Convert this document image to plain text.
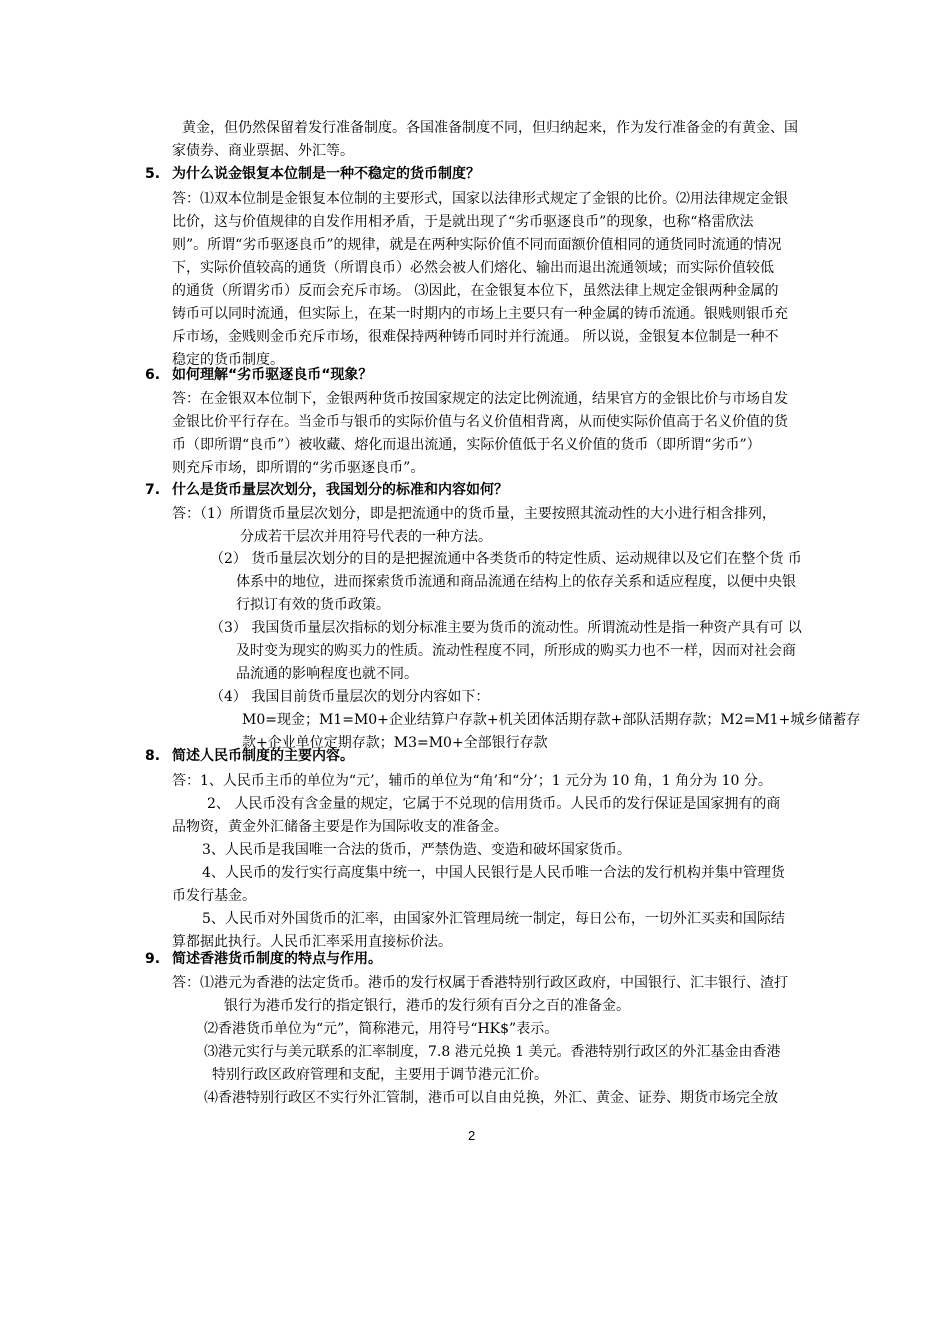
黄金，但仍然保留着发行准备制度。各国准备制度不同，但归纳起来，作为发行准备金的有黄金、国
家债券、商业票据、外汇等。
5. 为什么说金银复本位制是一种不稳定的货币制度？
答：⑴双本位制是金银复本位制的主要形式，国家以法律形式规定了金银的比价。⑵用法律规定金银
比价，这与价值规律的自发作用相矛盾，于是就出现了“劣币驱逐良币”的现象，也称“格雷欣法
则”。所谓“劣币驱逐良币”的规律，就是在两种实际价值不同而面额价值相同的通货同时流通的情况
下，实际价值较高的通货（所谓良币）必然会被人们熔化、输出而退出流通领域；而实际价值较低
的通货（所谓劣币）反而会充斥市场。 ⑶因此，在金银复本位下，虽然法律上规定金银两种金属的
铸币可以同时流通，但实际上，在某一时期内的市场上主要只有一种金属的铸币流通。银贱则银币充
斥市场，金贱则金币充斥市场，很难保持两种铸币同时并行流通。 所以说，金银复本位制是一种不
稳定的货币制度。
6. 如何理解“劣币驱逐良币“现象？
答：在金银双本位制下，金银两种货币按国家规定的法定比例流通，结果官方的金银比价与市场自发
金银比价平行存在。当金币与银币的实际价值与名义价值相背离，从而使实际价值高于名义价值的货
币（即所谓“良币”）被收藏、熔化而退出流通，实际价值低于名义价值的货币（即所谓“劣币”）
则充斥市场，即所谓的“劣币驱逐良币”。
7. 什么是货币量层次划分，我国划分的标准和内容如何？
答：（1）所谓货币量层次划分，即是把流通中的货币量，主要按照其流动性的大小进行相含排列，
分成若干层次并用符号代表的一种方法。
（2） 货币量层次划分的目的是把握流通中各类货币的特定性质、运动规律以及它们在整个货 币
体系中的地位，进而探索货币流通和商品流通在结构上的依存关系和适应程度，以便中央银
行拟订有效的货币政策。
（3） 我国货币量层次指标的划分标准主要为货币的流动性。所谓流动性是指一种资产具有可 以
及时变为现实的购买力的性质。流动性程度不同，所形成的购买力也不一样，因而对社会商
品流通的影响程度也就不同。
（4） 我国目前货币量层次的划分内容如下：
M0=现金；M1=M0+企业结算户存款+机关团体活期存款+部队活期存款；M2=M1+城乡储蓄存
款+企业单位定期存款；M3=M0+全部银行存款
8. 简述人民币制度的主要内容。
答：1、人民币主币的单位为“元’，辅币的单位为“角’和“分’；1 元分为 10 角，1 角分为 10 分。
2、 人民币没有含金量的规定，它属于不兑现的信用货币。人民币的发行保证是国家拥有的商
品物资，黄金外汇储备主要是作为国际收支的准备金。
3、人民币是我国唯一合法的货币，严禁伪造、变造和破坏国家货币。
4、人民币的发行实行高度集中统一，中国人民银行是人民币唯一合法的发行机构并集中管理货
币发行基金。
5、人民币对外国货币的汇率，由国家外汇管理局统一制定，每日公布，一切外汇买卖和国际结
算都据此执行。人民币汇率采用直接标价法。
9. 简述香港货币制度的特点与作用。
答：⑴港元为香港的法定货币。港币的发行权属于香港特别行政区政府，中国银行、汇丰银行、渣打
银行为港币发行的指定银行，港币的发行须有百分之百的准备金。
⑵香港货币单位为“元”，简称港元，用符号“HK$”表示。
⑶港元实行与美元联系的汇率制度，7.8 港元兑换 1 美元。香港特别行政区的外汇基金由香港
特别行政区政府管理和支配，主要用于调节港元汇价。
⑷香港特别行政区不实行外汇管制，港币可以自由兑换，外汇、黄金、证券、期货市场完全放
2
